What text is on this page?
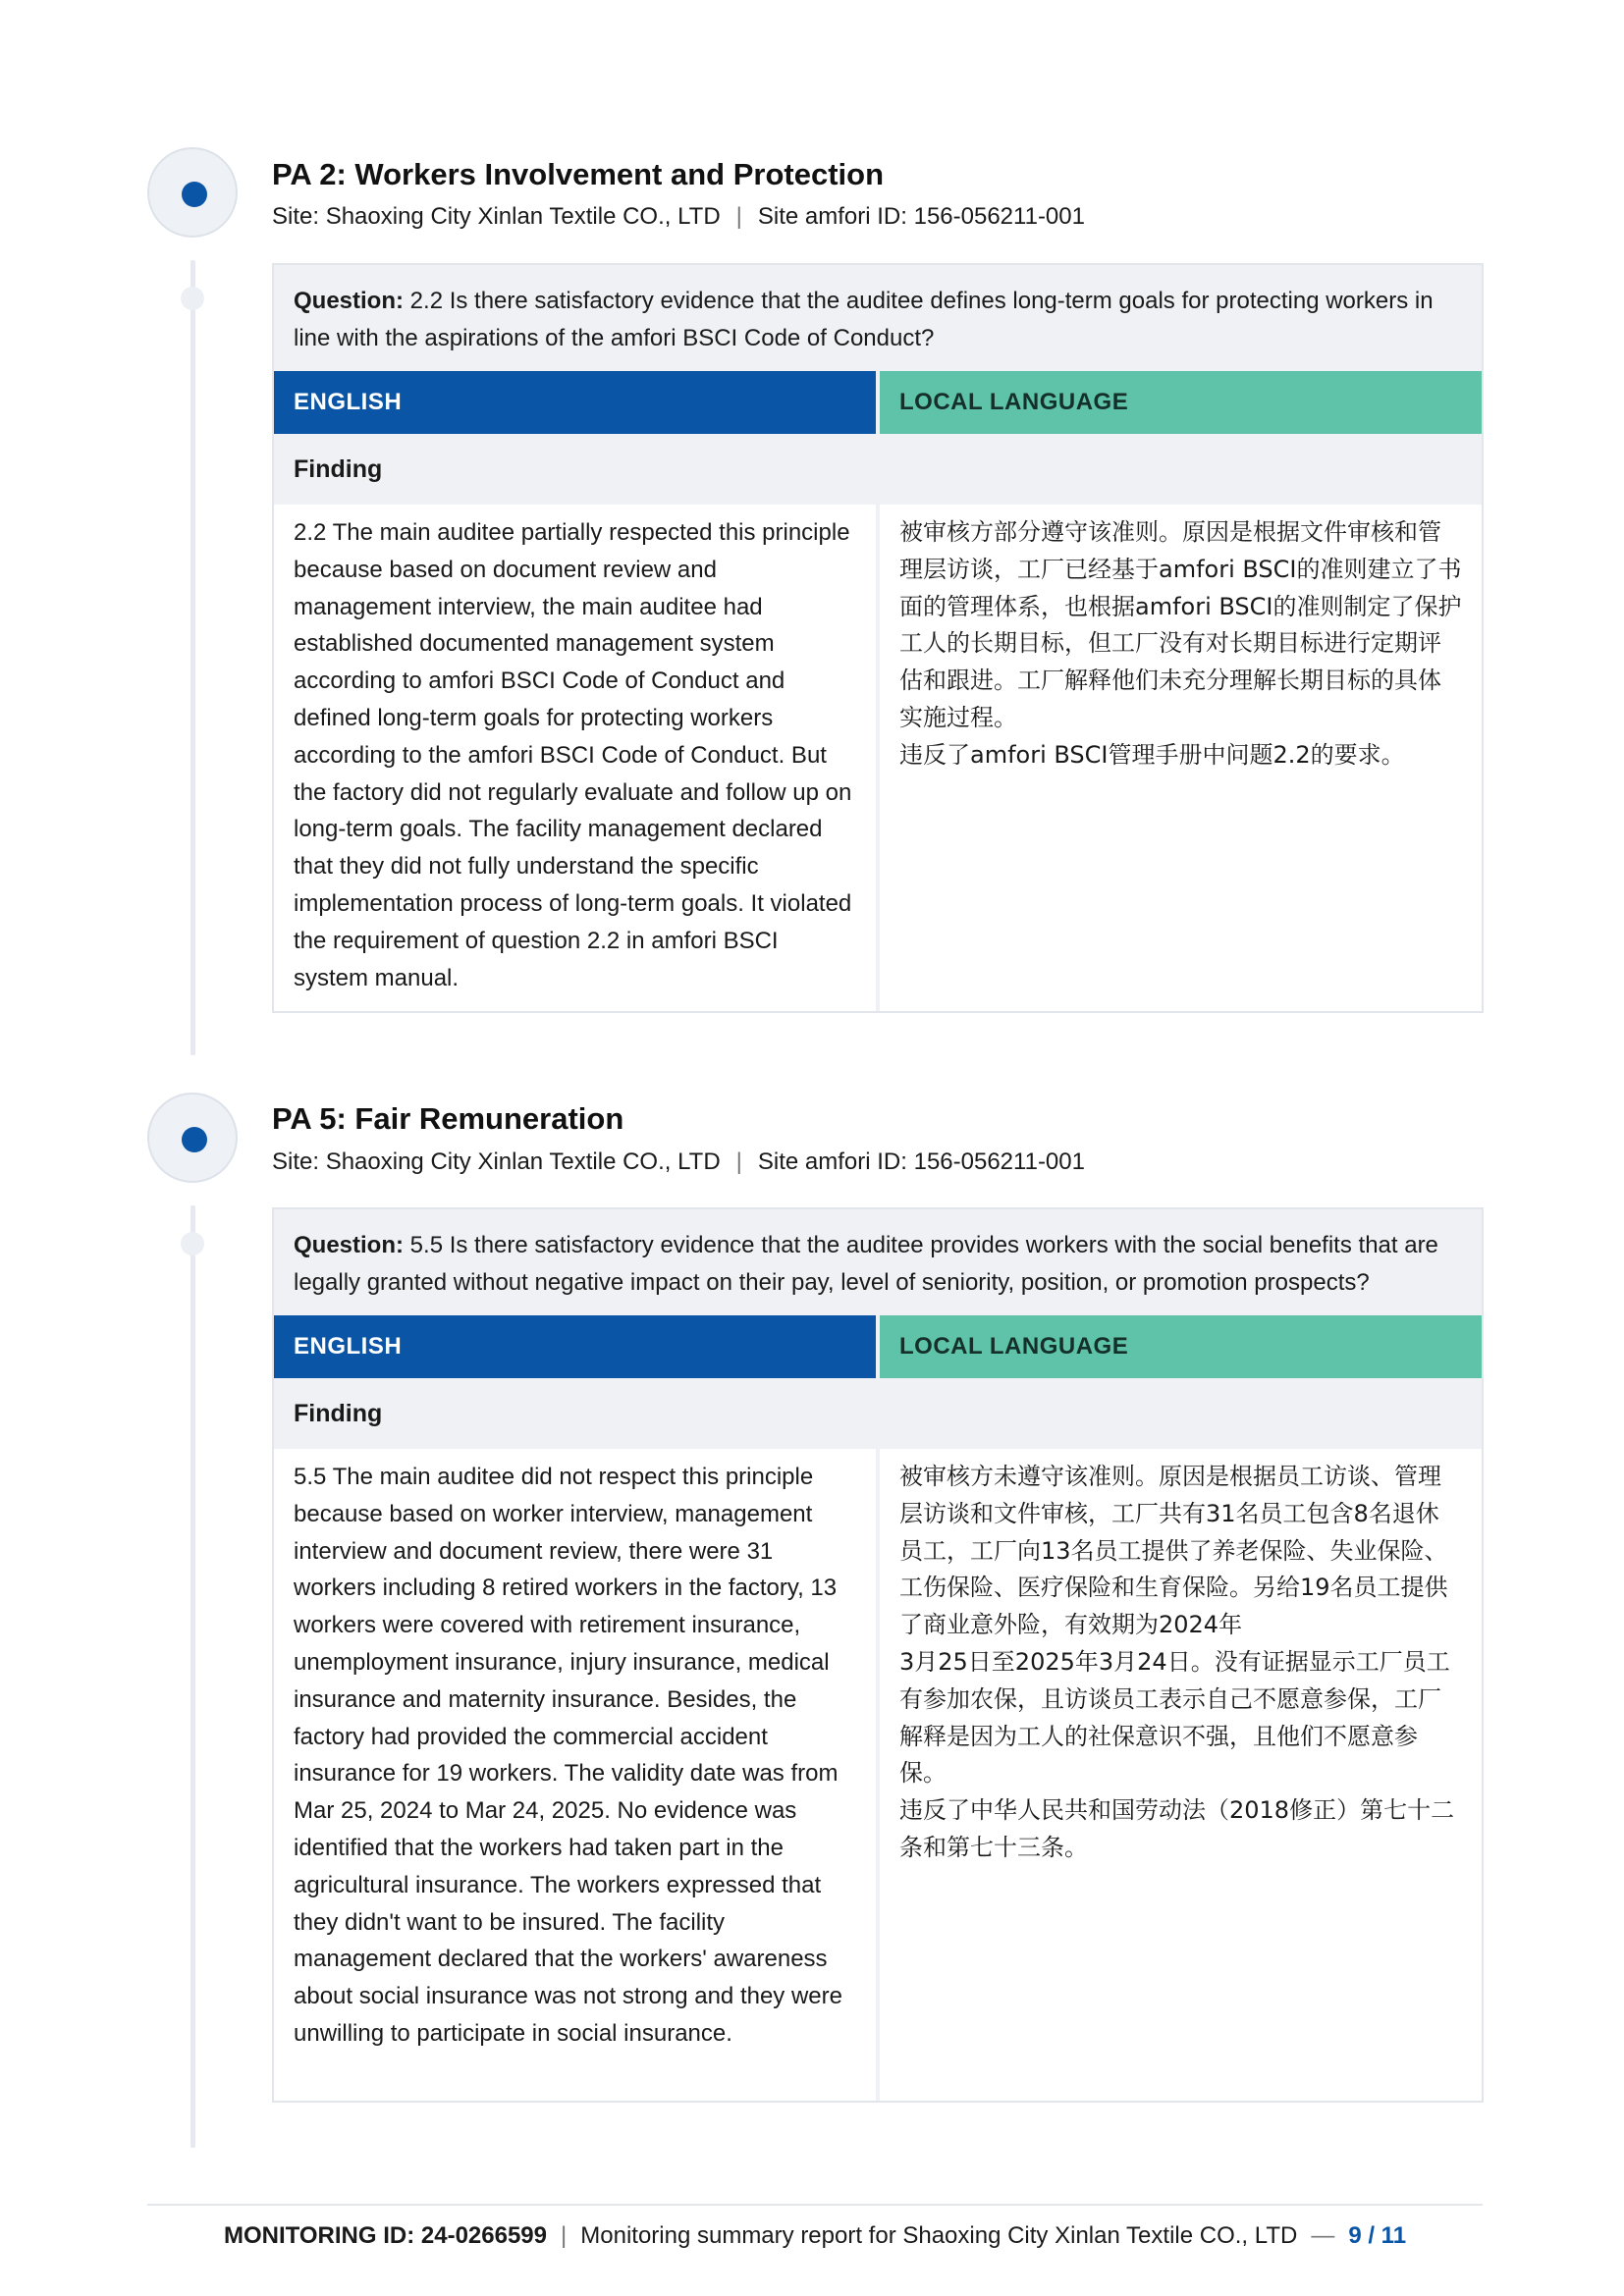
PA 2: Workers Involvement and Protection
Site: Shaoxing City Xinlan Textile CO., LTD | Site amfori ID: 156-056211-001
Question: 2.2 Is there satisfactory evidence that the auditee defines long-term goals for protecting workers in line with the aspirations of the amfori BSCI Code of Conduct?
ENGLISH	LOCAL LANGUAGE
Finding

2.2 The main auditee partially respected this principle because based on document review and management interview, the main auditee had established documented management system according to amfori BSCI Code of Conduct and defined long-term goals for protecting workers according to the amfori BSCI Code of Conduct. But the factory did not regularly evaluate and follow up on long-term goals. The facility management declared that they did not fully understand the specific implementation process of long-term goals. It violated the requirement of question 2.2 in amfori BSCI system manual.

被审核方部分遵守该准则。原因是根据文件审核和管理层访谈，工厂已经基于amfori BSCI的准则建立了书面的管理体系，也根据amfori BSCI的准则制定了保护工人的长期目标，但工厂没有对长期目标进行定期评估和跟进。工厂解释他们未充分理解长期目标的具体实施过程。
违反了amfori BSCI管理手册中问题2.2的要求。

PA 5: Fair Remuneration
Site: Shaoxing City Xinlan Textile CO., LTD | Site amfori ID: 156-056211-001
Question: 5.5 Is there satisfactory evidence that the auditee provides workers with the social benefits that are legally granted without negative impact on their pay, level of seniority, position, or promotion prospects?
ENGLISH	LOCAL LANGUAGE
Finding

5.5 The main auditee did not respect this principle because based on worker interview, management interview and document review, there were 31 workers including 8 retired workers in the factory, 13 workers were covered with retirement insurance, unemployment insurance, injury insurance, medical insurance and maternity insurance. Besides, the factory had provided the commercial accident insurance for 19 workers. The validity date was from Mar 25, 2024 to Mar 24, 2025. No evidence was identified that the workers had taken part in the agricultural insurance. The workers expressed that they didn't want to be insured. The facility management declared that the workers' awareness about social insurance was not strong and they were unwilling to participate in social insurance.

被审核方未遵守该准则。原因是根据员工访谈、管理层访谈和文件审核，工厂共有31名员工包含8名退休员工，工厂向13名员工提供了养老保险、失业保险、工伤保险、医疗保险和生育保险。另给19名员工提供了商业意外险，有效期为2024年
3月25日至2025年3月24日。没有证据显示工厂员工有参加农保，且访谈员工表示自己不愿意参保，工厂解释是因为工人的社保意识不强，且他们不愿意参保。
违反了中华人民共和国劳动法（2018修正）第七十二条和第七十三条。

MONITORING ID: 24-0266599 | Monitoring summary report for Shaoxing City Xinlan Textile CO., LTD — 9 / 11
